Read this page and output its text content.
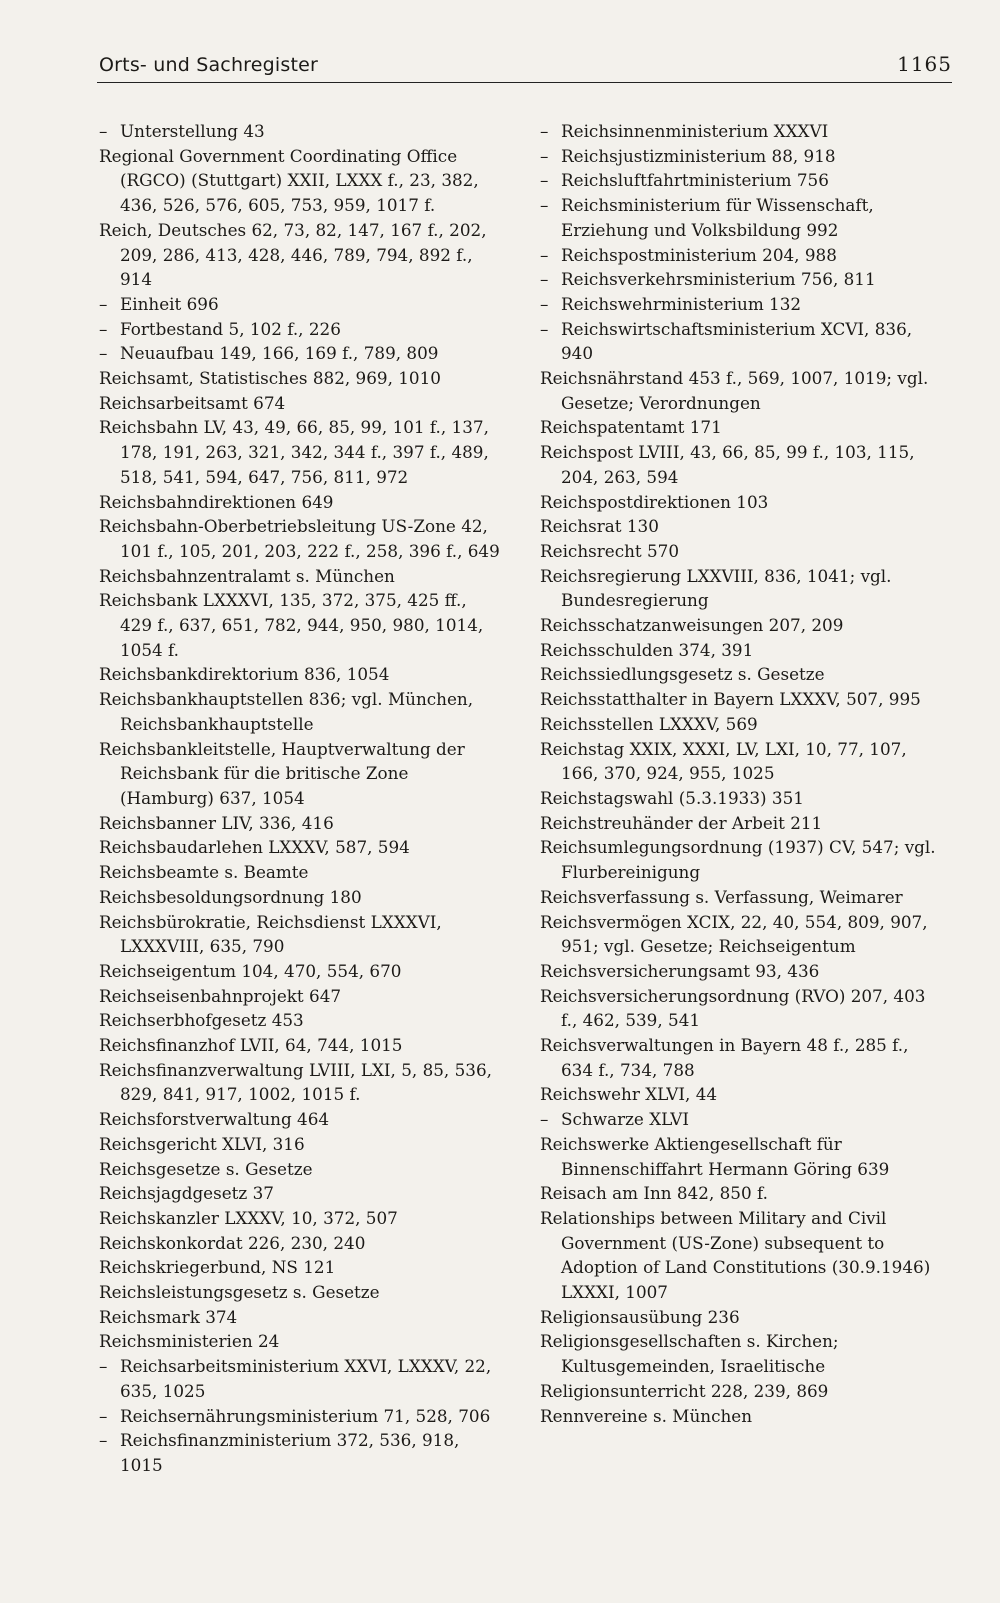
Orts- und Sachregister	1165

– Unterstellung 43

Regional Government Coordinating Office (RGCO) (Stuttgart) XXII, LXXX f., 23, 382, 436, 526, 576, 605, 753, 959, 1017 f.

Reich, Deutsches 62, 73, 82, 147, 167 f., 202, 209, 286, 413, 428, 446, 789, 794, 892 f., 914

– Einheit 696

– Fortbestand 5, 102 f., 226

– Neuaufbau 149, 166, 169 f., 789, 809

Reichsamt, Statistisches 882, 969, 1010

Reichsarbeitsamt 674

Reichsbahn LV, 43, 49, 66, 85, 99, 101 f., 137, 178, 191, 263, 321, 342, 344 f., 397 f., 489, 518, 541, 594, 647, 756, 811, 972

Reichsbahndirektionen 649

Reichsbahn-Oberbetriebsleitung US-Zone 42, 101 f., 105, 201, 203, 222 f., 258, 396 f., 649

Reichsbahnzentralamt s. München

Reichsbank LXXXVI, 135, 372, 375, 425 ff., 429 f., 637, 651, 782, 944, 950, 980, 1014, 1054 f.

Reichsbankdirektorium 836, 1054

Reichsbankhauptstellen 836; vgl. München, Reichsbankhauptstelle

Reichsbankleitstelle, Hauptverwaltung der Reichsbank für die britische Zone (Hamburg) 637, 1054

Reichsbanner LIV, 336, 416

Reichsbaudarlehen LXXXV, 587, 594

Reichsbeamte s. Beamte

Reichsbesoldungsordnung 180

Reichsbürokratie, Reichsdienst LXXXVI, LXXXVIII, 635, 790

Reichseigentum 104, 470, 554, 670

Reichseisenbahnprojekt 647

Reichserbhofgesetz 453

Reichsfinanzhof LVII, 64, 744, 1015

Reichsfinanzverwaltung LVIII, LXI, 5, 85, 536, 829, 841, 917, 1002, 1015 f.

Reichsforstverwaltung 464

Reichsgericht XLVI, 316

Reichsgesetze s. Gesetze

Reichsjagdgesetz 37

Reichskanzler LXXXV, 10, 372, 507

Reichskonkordat 226, 230, 240

Reichskriegerbund, NS 121

Reichsleistungsgesetz s. Gesetze

Reichsmark 374

Reichsministerien 24

– Reichsarbeitsministerium XXVI, LXXXV, 22, 635, 1025

– Reichsernährungsministerium 71, 528, 706

– Reichsfinanzministerium 372, 536, 918, 1015

– Reichsinnenministerium XXXVI

– Reichsjustizministerium 88, 918

– Reichsluftfahrtministerium 756

– Reichsministerium für Wissenschaft, Erziehung und Volksbildung 992

– Reichspostministerium 204, 988

– Reichsverkehrsministerium 756, 811

– Reichswehrministerium 132

– Reichswirtschaftsministerium XCVI, 836, 940

Reichsnährstand 453 f., 569, 1007, 1019; vgl. Gesetze; Verordnungen

Reichspatentamt 171

Reichspost LVIII, 43, 66, 85, 99 f., 103, 115, 204, 263, 594

Reichspostdirektionen 103

Reichsrat 130

Reichsrecht 570

Reichsregierung LXXVIII, 836, 1041; vgl. Bundesregierung

Reichsschatzanweisungen 207, 209

Reichsschulden 374, 391

Reichssiedlungsgesetz s. Gesetze

Reichsstatthalter in Bayern LXXXV, 507, 995

Reichsstellen LXXXV, 569

Reichstag XXIX, XXXI, LV, LXI, 10, 77, 107, 166, 370, 924, 955, 1025

Reichstagswahl (5.3.1933) 351

Reichstreuhänder der Arbeit 211

Reichsumlegungsordnung (1937) CV, 547; vgl. Flurbereinigung

Reichsverfassung s. Verfassung, Weimarer

Reichsvermögen XCIX, 22, 40, 554, 809, 907, 951; vgl. Gesetze; Reichseigentum

Reichsversicherungsamt 93, 436

Reichsversicherungsordnung (RVO) 207, 403 f., 462, 539, 541

Reichsverwaltungen in Bayern 48 f., 285 f., 634 f., 734, 788

Reichswehr XLVI, 44

– Schwarze XLVI

Reichswerke Aktiengesellschaft für Binnenschiffahrt Hermann Göring 639

Reisach am Inn 842, 850 f.

Relationships between Military and Civil Government (US-Zone) subsequent to Adoption of Land Constitutions (30.9.1946) LXXXI, 1007

Religionsausübung 236

Religionsgesellschaften s. Kirchen; Kultusgemeinden, Israelitische

Religionsunterricht 228, 239, 869

Rennvereine s. München
